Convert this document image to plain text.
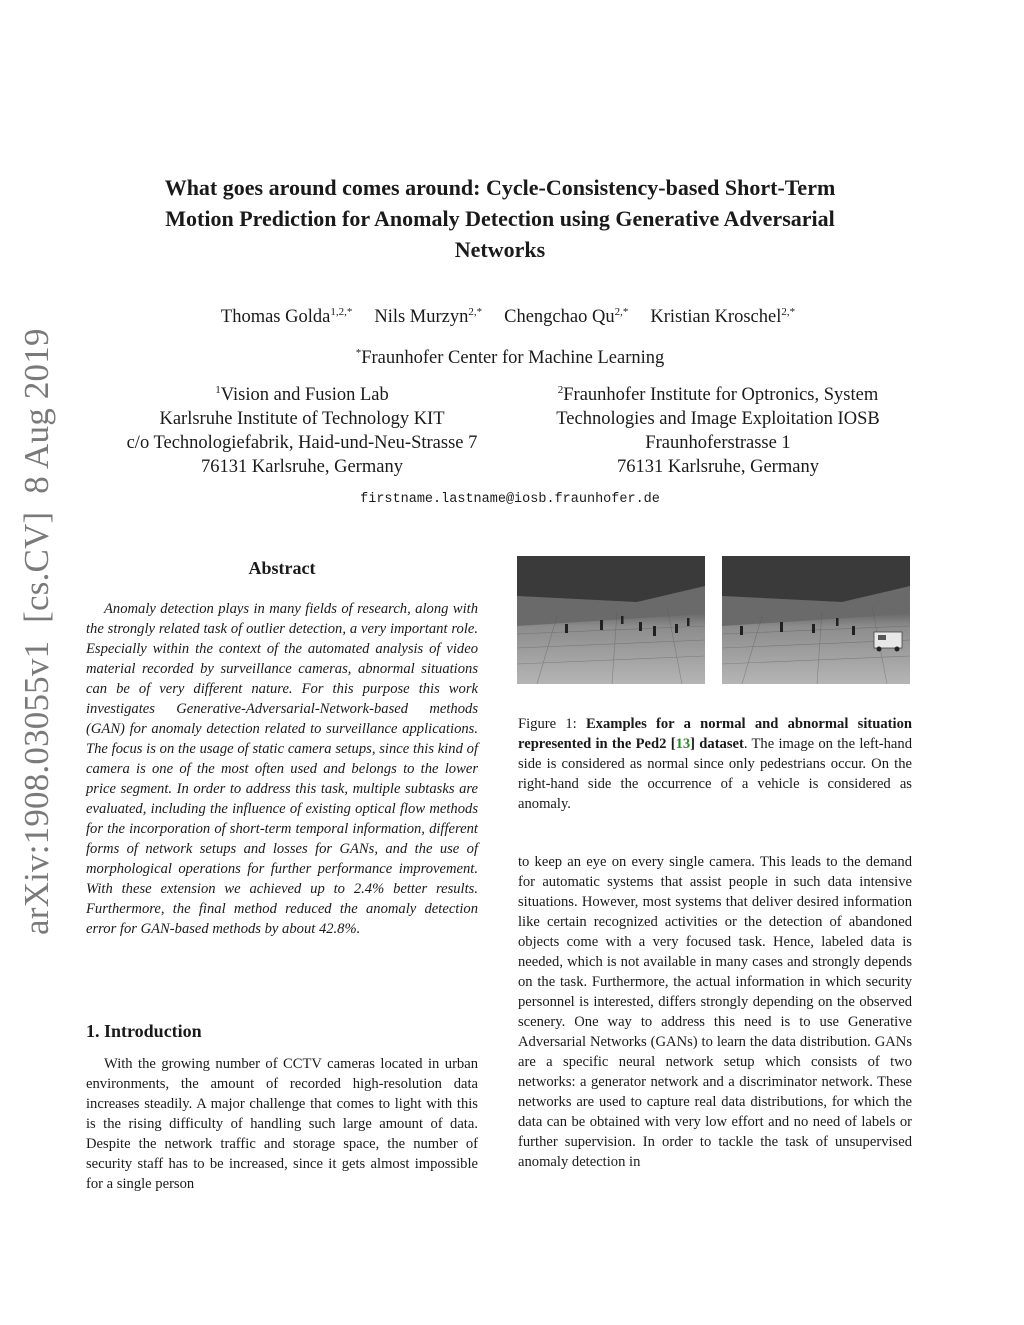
arXiv:1908.03055v1  [cs.CV]  8 Aug 2019
What goes around comes around: Cycle-Consistency-based Short-Term Motion Prediction for Anomaly Detection using Generative Adversarial Networks
Thomas Golda$^{1,2,*}$ Nils Murzyn$^{2,*}$ Chengchao $Qu^{2,*}$ Kristian Kroschel$^{2,*}$
*Fraunhofer Center for Machine Learning
$^1$Vision and Fusion Lab
Karlsruhe Institute of Technology KIT
c/o Technologiefabrik, Haid-und-Neu-Strasse 7
76131 Karlsruhe, Germany
$^2$Fraunhofer Institute for Optronics, System
Technologies and Image Exploitation IOSB
Fraunhoferstrasse 1
76131 Karlsruhe, Germany
firstname.lastname@iosb.fraunhofer.de
Abstract
Anomaly detection plays in many fields of research, along with the strongly related task of outlier detection, a very important role. Especially within the context of the automated analysis of video material recorded by surveillance cameras, abnormal situations can be of very different nature. For this purpose this work investigates Generative-Adversarial-Network-based methods (GAN) for anomaly detection related to surveillance applications. The focus is on the usage of static camera setups, since this kind of camera is one of the most often used and belongs to the lower price segment. In order to address this task, multiple subtasks are evaluated, including the influence of existing optical flow methods for the incorporation of short-term temporal information, different forms of network setups and losses for GANs, and the use of morphological operations for further performance improvement. With these extension we achieved up to 2.4% better results. Furthermore, the final method reduced the anomaly detection error for GAN-based methods by about 42.8%.
1. Introduction
With the growing number of CCTV cameras located in urban environments, the amount of recorded high-resolution data increases steadily. A major challenge that comes to light with this is the rising difficulty of handling such large amount of data. Despite the network traffic and storage space, the number of security staff has to be increased, since it gets almost impossible for a single person
Figure 1: Examples for a normal and abnormal situation represented in the Ped2 [13] dataset. The image on the left-hand side is considered as normal since only pedestrians occur. On the right-hand side the occurrence of a vehicle is considered as anomaly.
to keep an eye on every single camera. This leads to the demand for automatic systems that assist people in such data intensive situations. However, most systems that deliver desired information like certain recognized activities or the detection of abandoned objects come with a very focused task. Hence, labeled data is needed, which is not available in many cases and strongly depends on the task. Furthermore, the actual information in which security personnel is interested, differs strongly depending on the observed scenery. One way to address this need is to use Generative Adversarial Networks (GANs) to learn the data distribution. GANs are a specific neural network setup which consists of two networks: a generator network and a discriminator network. These networks are used to capture real data distributions, for which the data can be obtained with very low effort and no need of labels or further supervision. In order to tackle the task of unsupervised anomaly detection in
